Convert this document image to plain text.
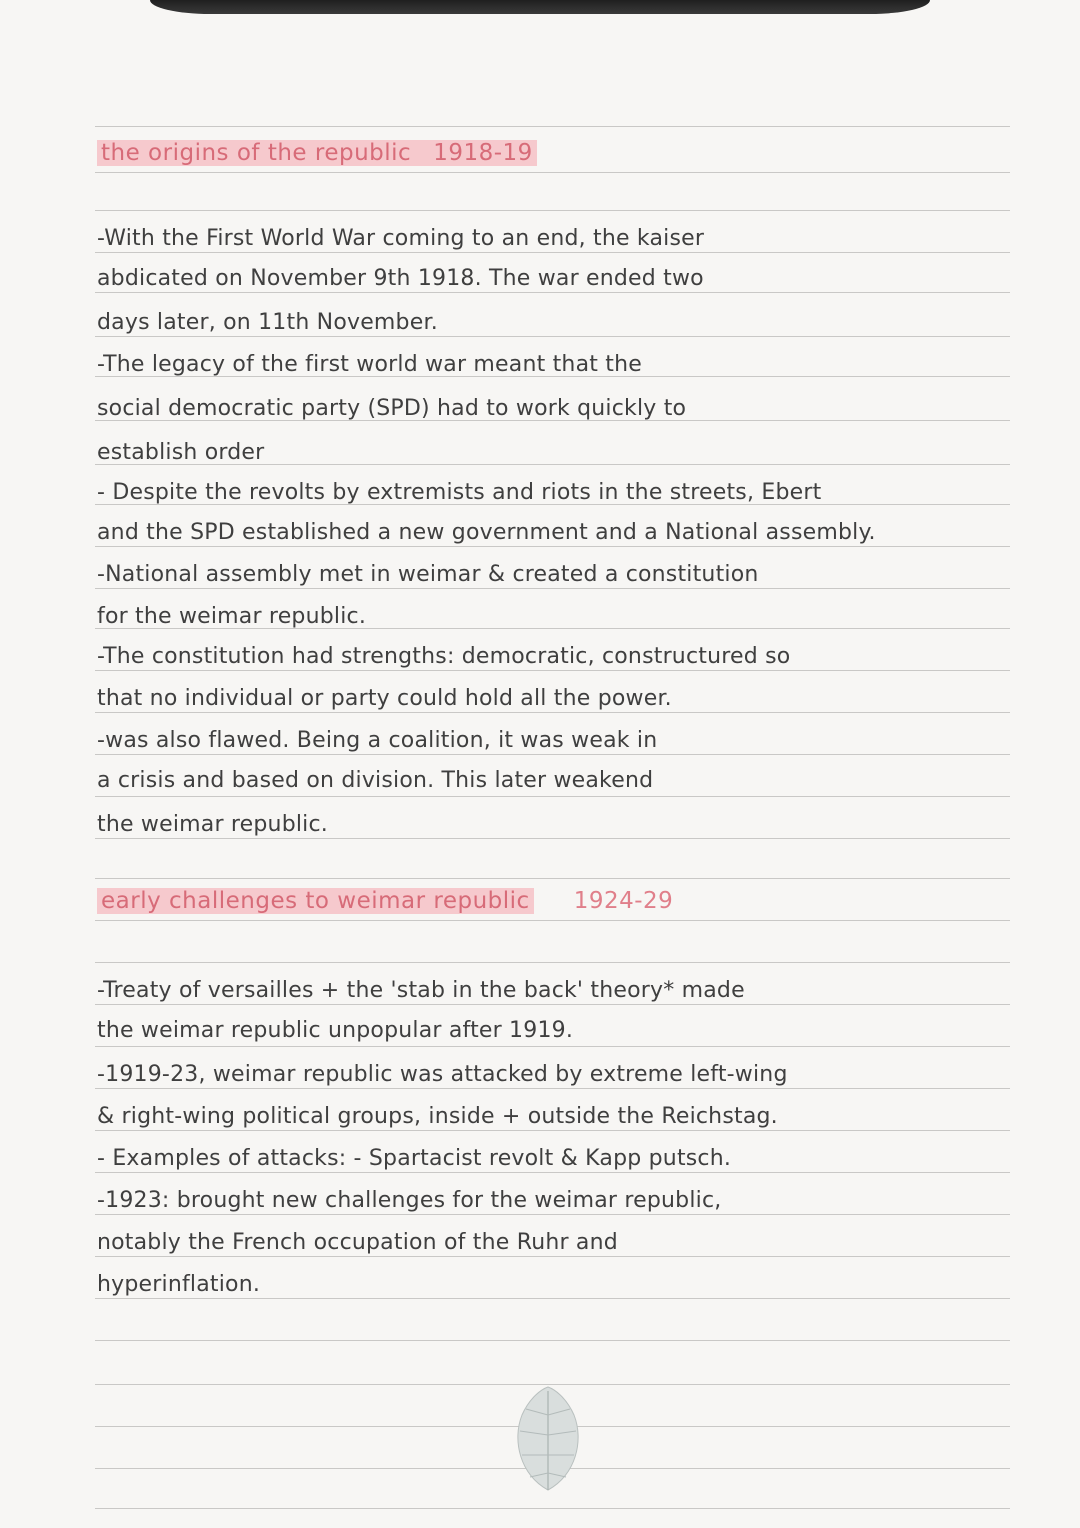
the origins of the republic 1918-19
-With the First World War coming to an end, the kaiser
abdicated on November 9th 1918. The war ended two
days later, on 11th November.
-The legacy of the first world war meant that the
social democratic party (SPD) had to work quickly to
establish order
- Despite the revolts by extremists and riots in the streets, Ebert
and the SPD established a new government and a National assembly.
-National assembly met in weimar & created a constitution
for the weimar republic.
-The constitution had strengths: democratic, constructured so
that no individual or party could hold all the power.
-was also flawed. Being a coalition, it was weak in
a crisis and based on division. This later weakend
the weimar republic.
early challenges to weimar republic 1924-29
-Treaty of versailles + the 'stab in the back' theory* made
the weimar republic unpopular after 1919.
-1919-23, weimar republic was attacked by extreme left-wing
& right-wing political groups, inside + outside the Reichstag.
- Examples of attacks: - Spartacist revolt & Kapp putsch.
-1923: brought new challenges for the weimar republic,
notably the French occupation of the Ruhr and
hyperinflation.
